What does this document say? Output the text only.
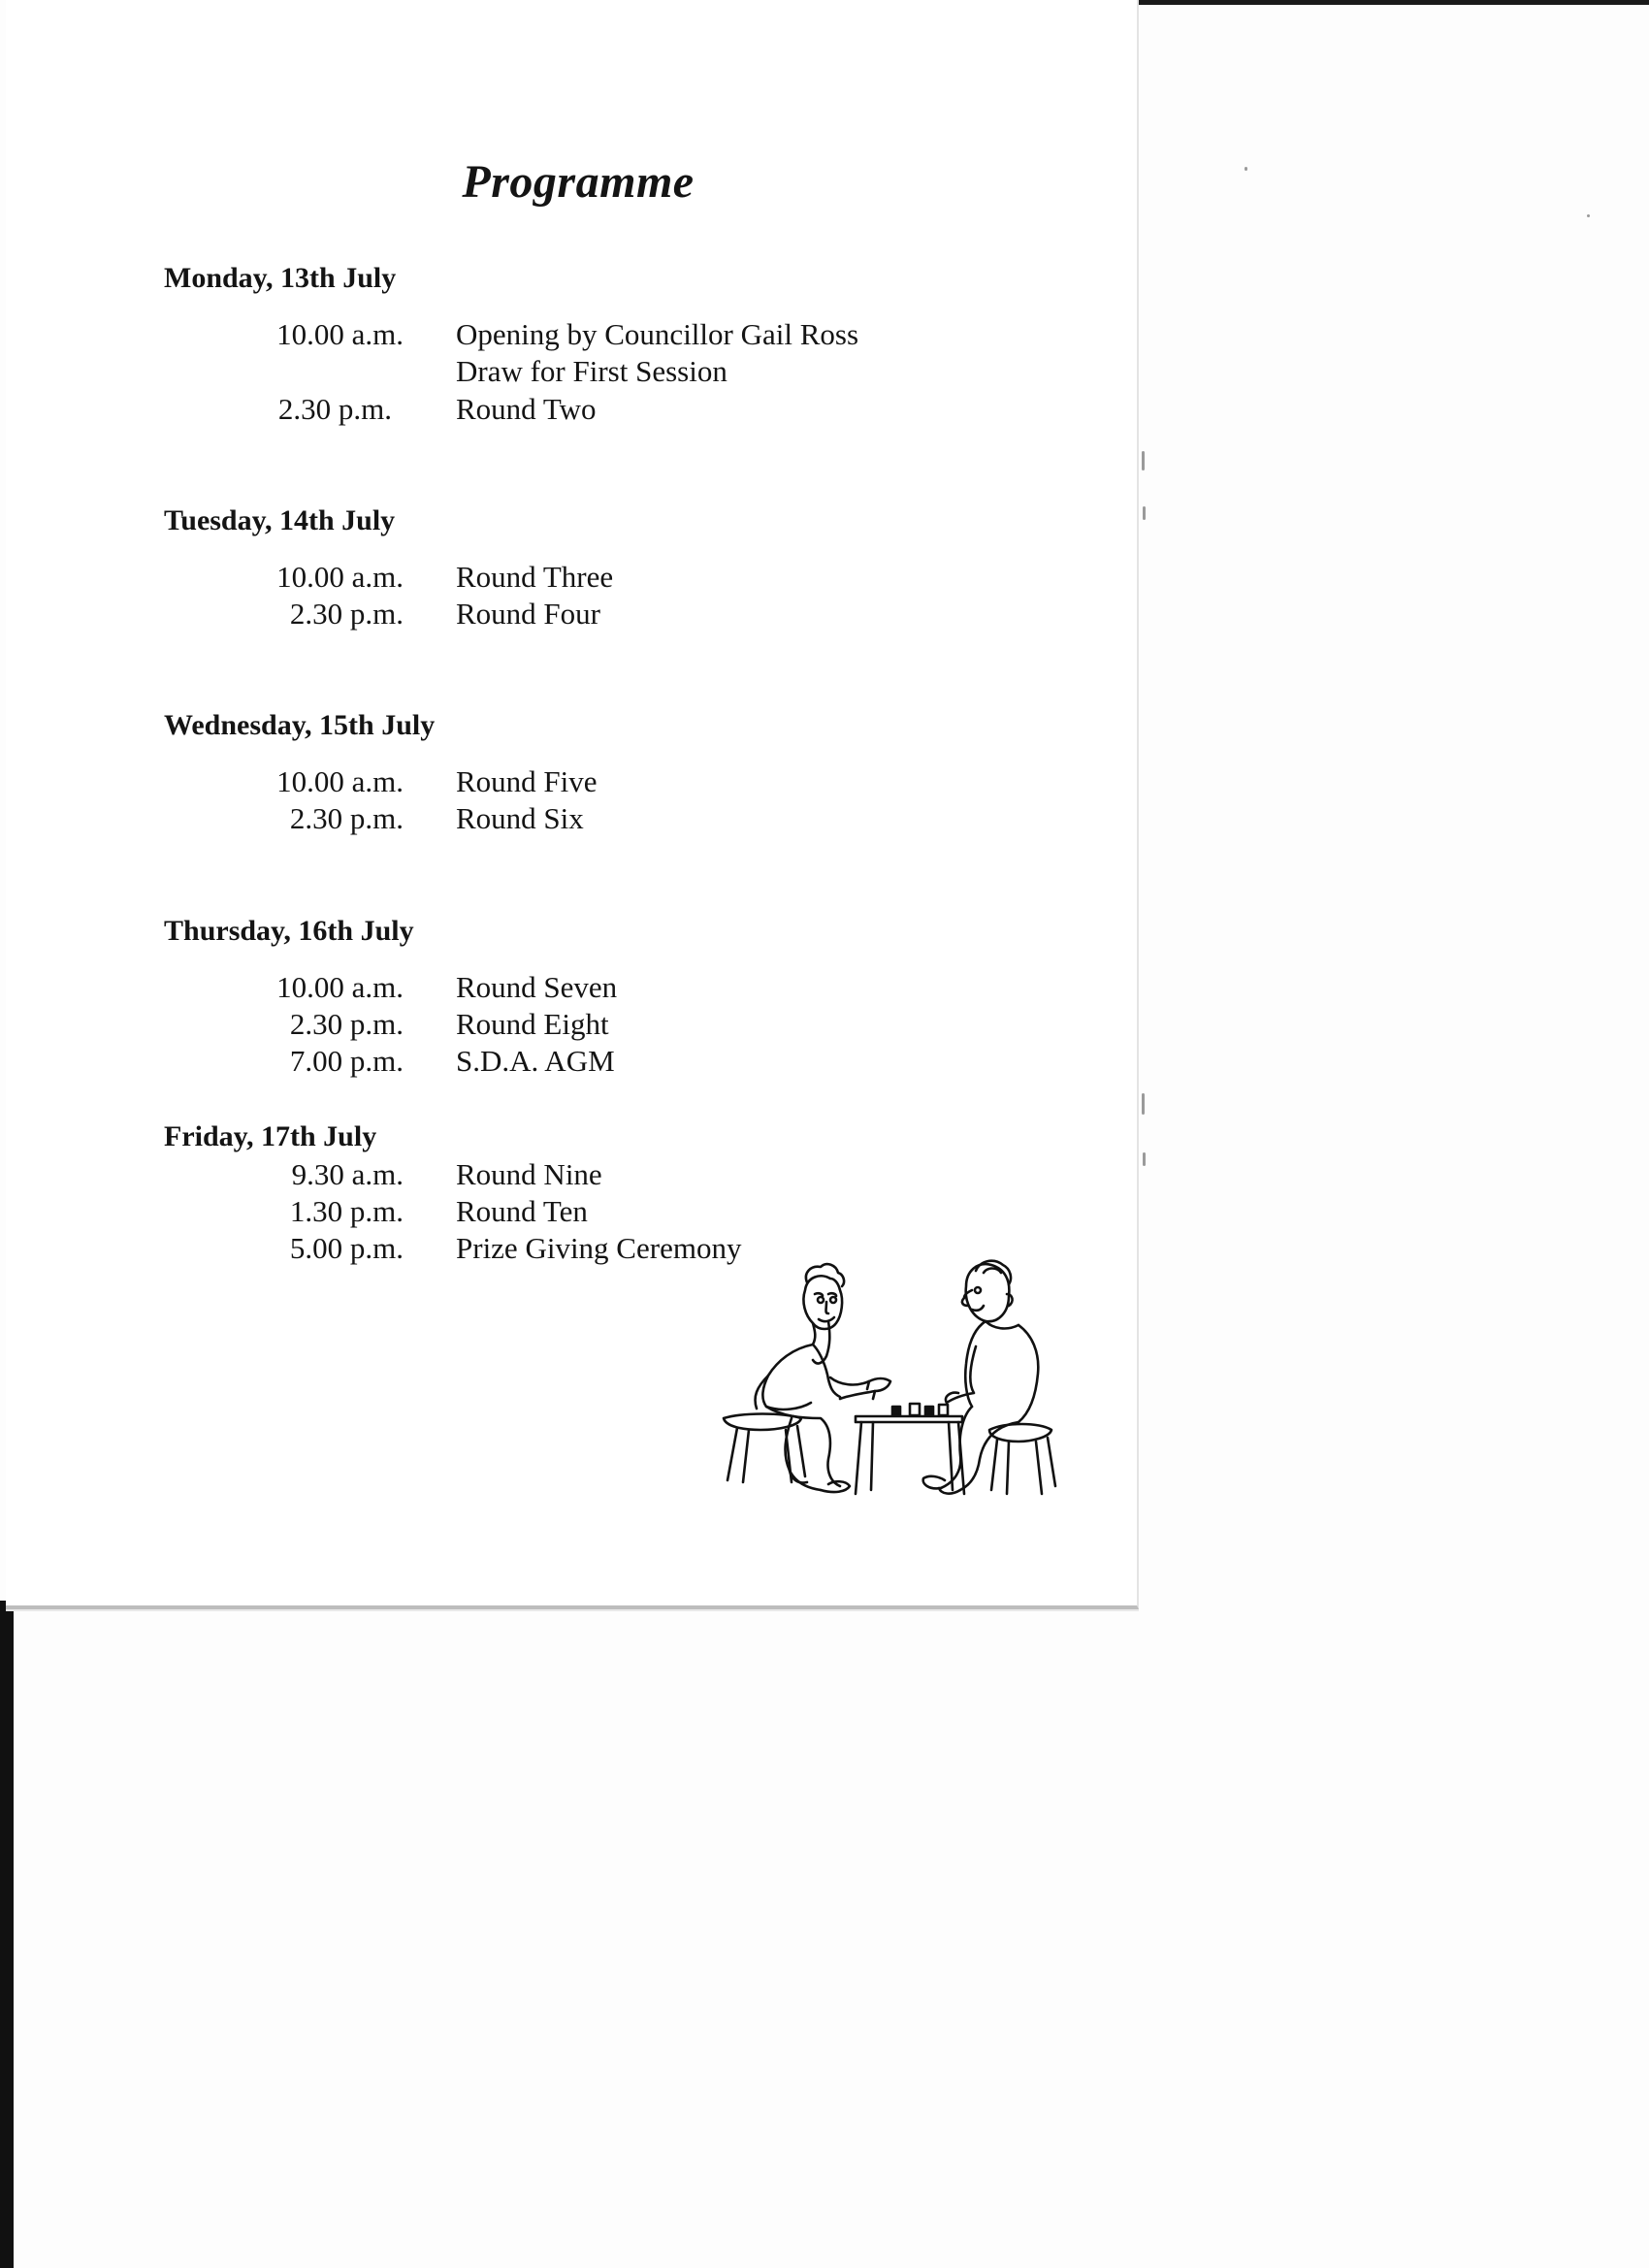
Programme
Monday, 13th July
10.00 a.m. Opening by Councillor Gail Ross
Draw for First Session
2.30 p.m. Round Two
Tuesday, 14th July
10.00 a.m. Round Three
2.30 p.m. Round Four
Wednesday, 15th July
10.00 a.m. Round Five
2.30 p.m. Round Six
Thursday, 16th July
10.00 a.m. Round Seven
2.30 p.m. Round Eight
7.00 p.m. S.D.A. AGM
Friday, 17th July
9.30 a.m. Round Nine
1.30 p.m. Round Ten
5.00 p.m. Prize Giving Ceremony
